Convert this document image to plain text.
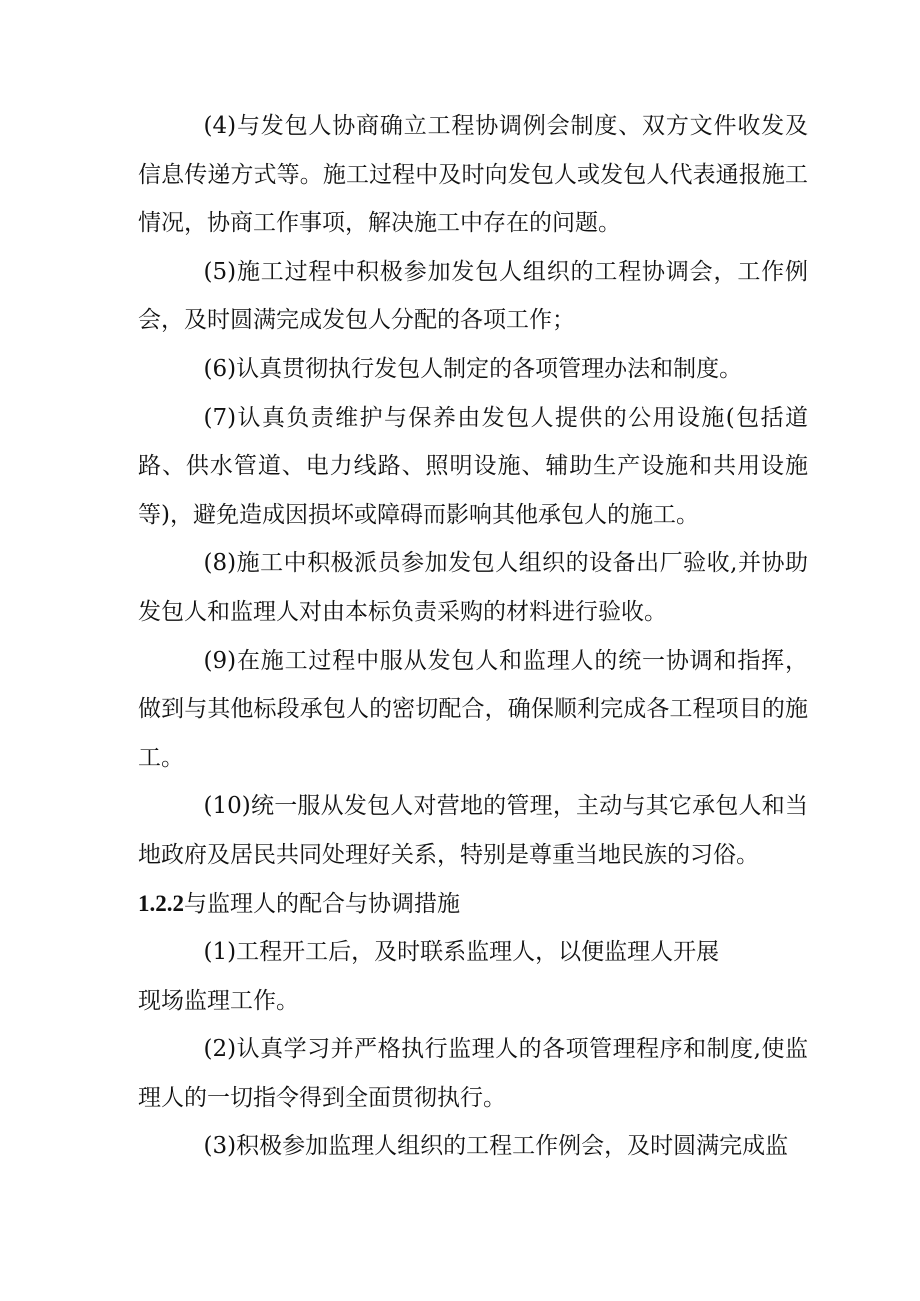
(4)与发包人协商确立工程协调例会制度、双方文件收发及信息传递方式等。施工过程中及时向发包人或发包人代表通报施工情况，协商工作事项，解决施工中存在的问题。

(5)施工过程中积极参加发包人组织的工程协调会，工作例会，及时圆满完成发包人分配的各项工作；

(6)认真贯彻执行发包人制定的各项管理办法和制度。

(7)认真负责维护与保养由发包人提供的公用设施(包括道路、供水管道、电力线路、照明设施、辅助生产设施和共用设施等)，避免造成因损坏或障碍而影响其他承包人的施工。

(8)施工中积极派员参加发包人组织的设备出厂验收,并协助发包人和监理人对由本标负责采购的材料进行验收。

(9)在施工过程中服从发包人和监理人的统一协调和指挥，做到与其他标段承包人的密切配合，确保顺利完成各工程项目的施工。

(10)统一服从发包人对营地的管理，主动与其它承包人和当地政府及居民共同处理好关系，特别是尊重当地民族的习俗。

1.2.2与监理人的配合与协调措施

(1)工程开工后，及时联系监理人，以便监理人开展

现场监理工作。

(2)认真学习并严格执行监理人的各项管理程序和制度,使监理人的一切指令得到全面贯彻执行。

(3)积极参加监理人组织的工程工作例会，及时圆满完成监
